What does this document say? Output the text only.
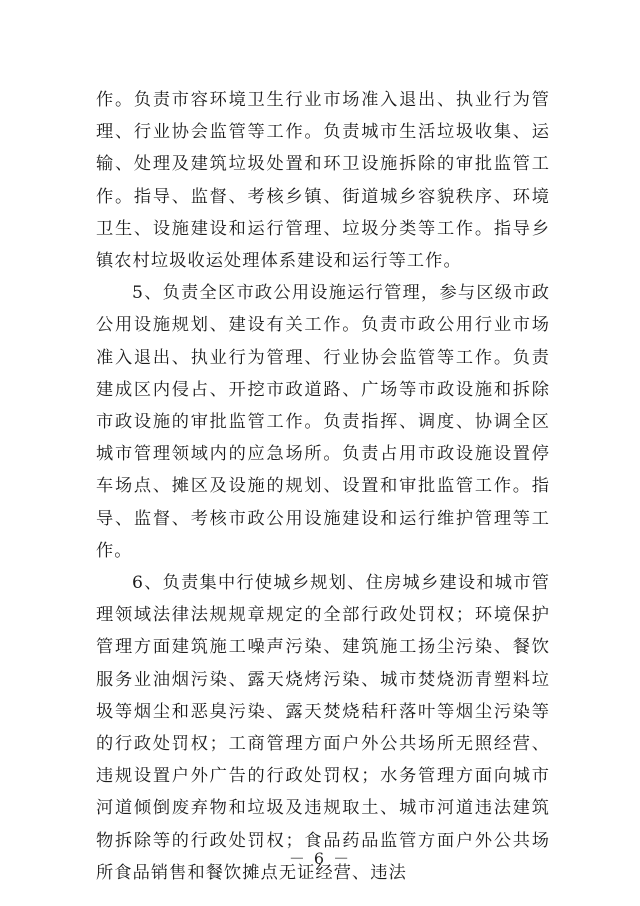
作。负责市容环境卫生行业市场准入退出、执业行为管理、行业协会监管等工作。负责城市生活垃圾收集、运输、处理及建筑垃圾处置和环卫设施拆除的审批监管工作。指导、监督、考核乡镇、街道城乡容貌秩序、环境卫生、设施建设和运行管理、垃圾分类等工作。指导乡镇农村垃圾收运处理体系建设和运行等工作。

5、负责全区市政公用设施运行管理，参与区级市政公用设施规划、建设有关工作。负责市政公用行业市场准入退出、执业行为管理、行业协会监管等工作。负责建成区内侵占、开挖市政道路、广场等市政设施和拆除市政设施的审批监管工作。负责指挥、调度、协调全区城市管理领域内的应急场所。负责占用市政设施设置停车场点、摊区及设施的规划、设置和审批监管工作。指导、监督、考核市政公用设施建设和运行维护管理等工作。

6、负责集中行使城乡规划、住房城乡建设和城市管理领域法律法规规章规定的全部行政处罚权；环境保护管理方面建筑施工噪声污染、建筑施工扬尘污染、餐饮服务业油烟污染、露天烧烤污染、城市焚烧沥青塑料垃圾等烟尘和恶臭污染、露天焚烧秸秆落叶等烟尘污染等的行政处罚权；工商管理方面户外公共场所无照经营、违规设置户外广告的行政处罚权；水务管理方面向城市河道倾倒废弃物和垃圾及违规取土、城市河道违法建筑物拆除等的行政处罚权；食品药品监管方面户外公共场所食品销售和餐饮摊点无证经营、违法

－ 6 －
